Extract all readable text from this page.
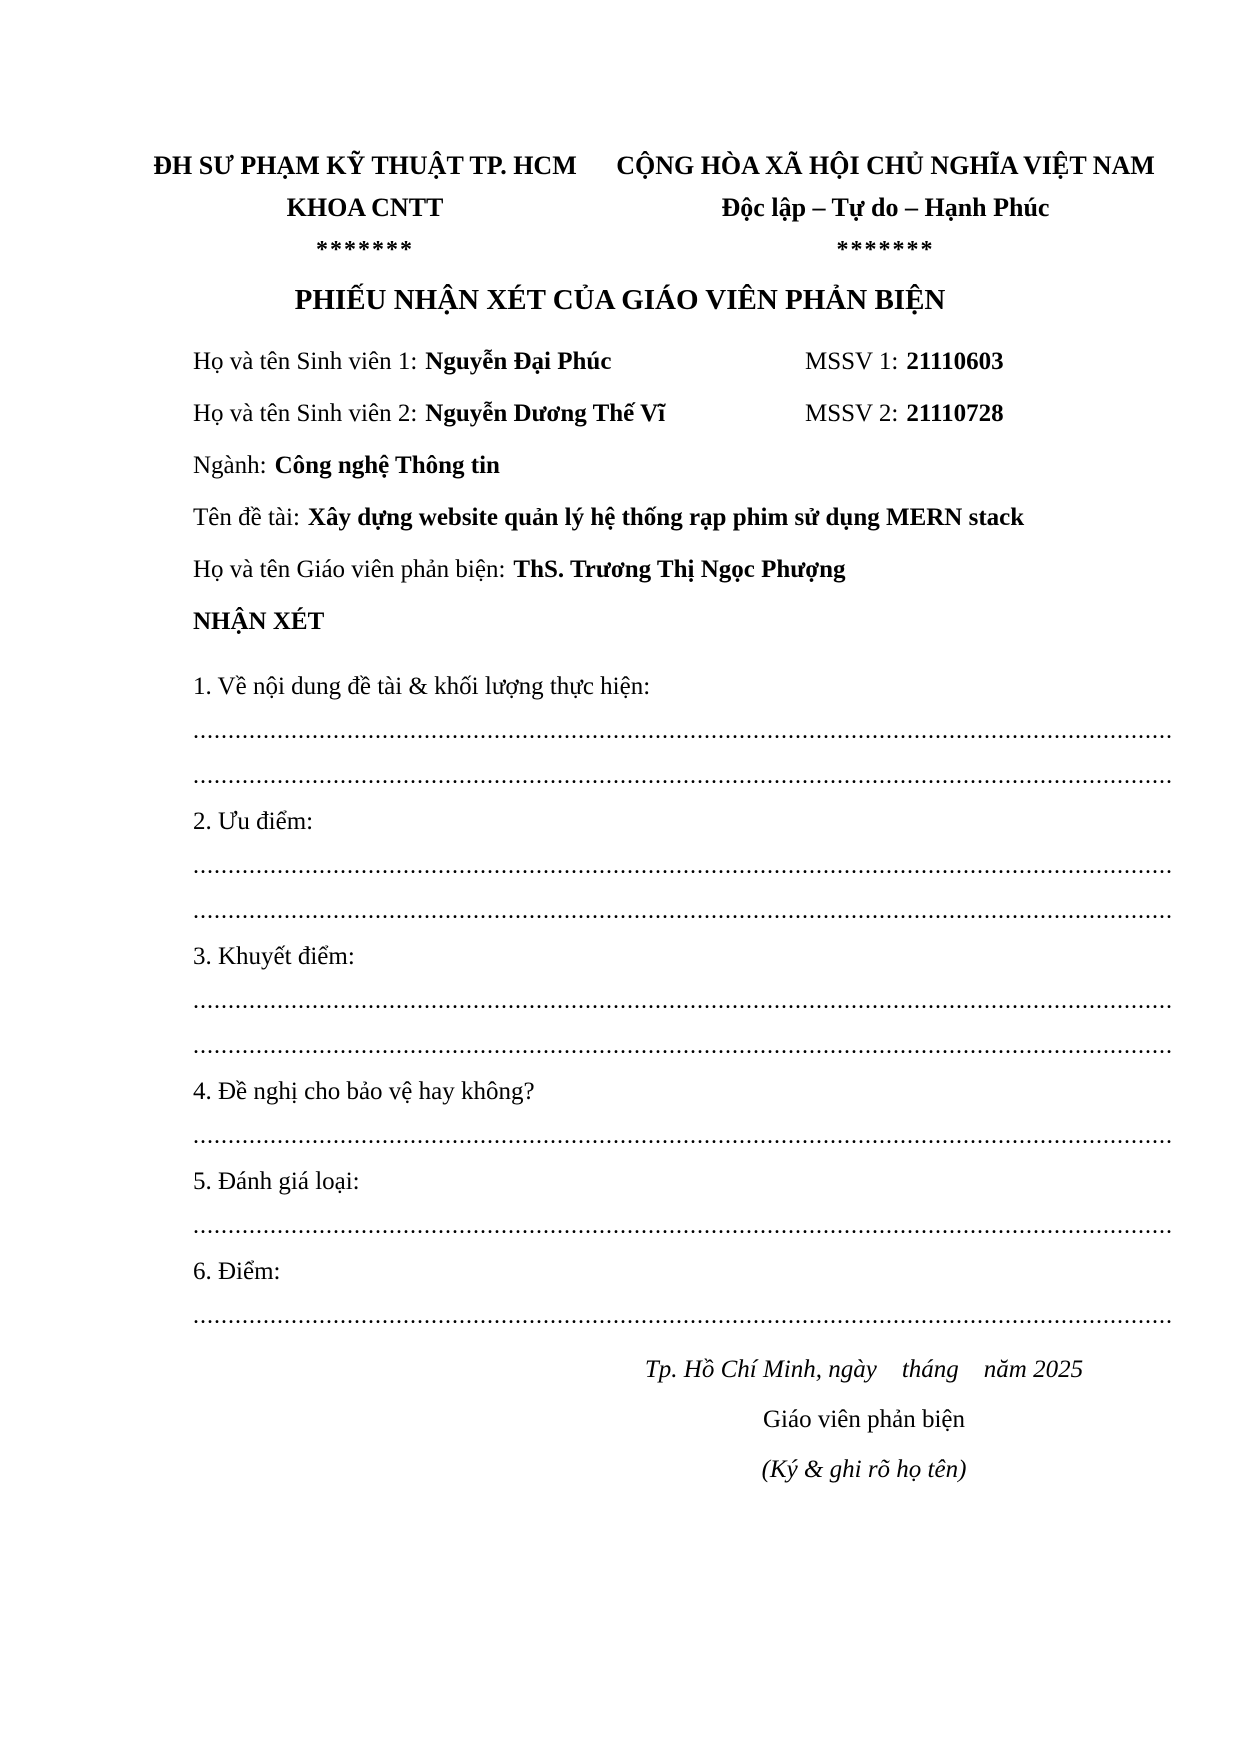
ĐH SƯ PHẠM KỸ THUẬT TP. HCM
KHOA CNTT
*******
CỘNG HÒA XÃ HỘI CHỦ NGHĨA VIỆT NAM
Độc lập – Tự do – Hạnh Phúc
*******
PHIẾU NHẬN XÉT CỦA GIÁO VIÊN PHẢN BIỆN
Họ và tên Sinh viên 1: Nguyễn Đại Phúc	MSSV 1: 21110603
Họ và tên Sinh viên 2: Nguyễn Dương Thế Vĩ	MSSV 2: 21110728
Ngành: Công nghệ Thông tin
Tên đề tài: Xây dựng website quản lý hệ thống rạp phim sử dụng MERN stack
Họ và tên Giáo viên phản biện: ThS. Trương Thị Ngọc Phượng
NHẬN XÉT
1. Về nội dung đề tài & khối lượng thực hiện:
............................................................................................................................................
............................................................................................................................................
2. Ưu điểm:
............................................................................................................................................
............................................................................................................................................
3. Khuyết điểm:
............................................................................................................................................
............................................................................................................................................
4. Đề nghị cho bảo vệ hay không?
............................................................................................................................................
5. Đánh giá loại:
............................................................................................................................................
6. Điểm:
............................................................................................................................................
Tp. Hồ Chí Minh, ngày    tháng    năm 2025
Giáo viên phản biện
(Ký & ghi rõ họ tên)
